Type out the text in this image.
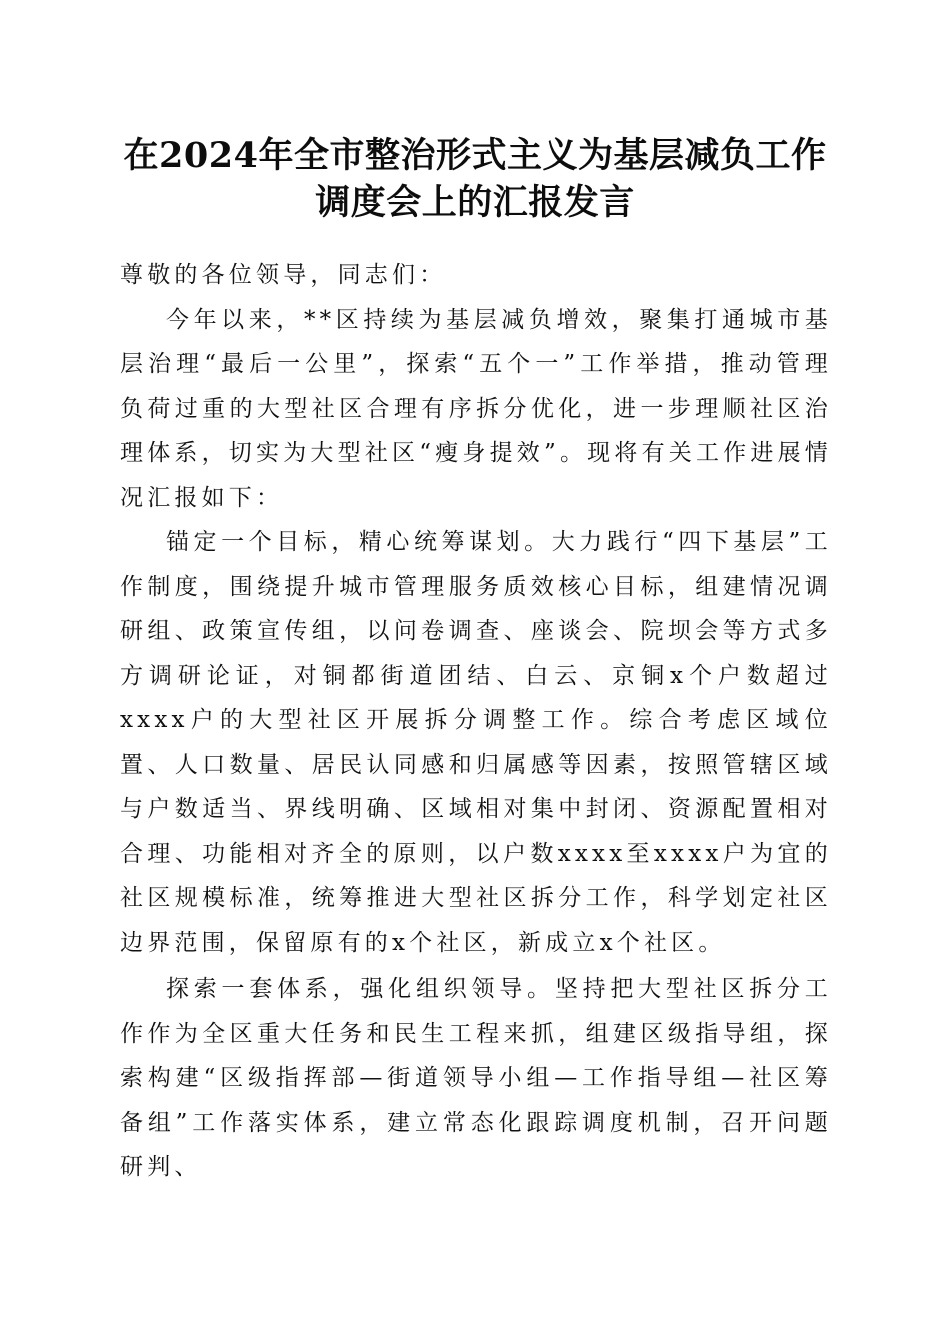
在2024年全市整治形式主义为基层减负工作
调度会上的汇报发言

尊敬的各位领导，同志们：

今年以来，**区持续为基层减负增效，聚集打通城市基层治理“最后一公里”，探索“五个一”工作举措，推动管理负荷过重的大型社区合理有序拆分优化，进一步理顺社区治理体系，切实为大型社区“瘦身提效”。现将有关工作进展情况汇报如下：

锚定一个目标，精心统筹谋划。大力践行“四下基层”工作制度，围绕提升城市管理服务质效核心目标，组建情况调研组、政策宣传组，以问卷调查、座谈会、院坝会等方式多方调研论证，对铜都街道团结、白云、京铜x个户数超过xxxx户的大型社区开展拆分调整工作。综合考虑区域位置、人口数量、居民认同感和归属感等因素，按照管辖区域与户数适当、界线明确、区域相对集中封闭、资源配置相对合理、功能相对齐全的原则，以户数xxxx至xxxx户为宜的社区规模标准，统筹推进大型社区拆分工作，科学划定社区边界范围，保留原有的x个社区，新成立x个社区。

探索一套体系，强化组织领导。坚持把大型社区拆分工作作为全区重大任务和民生工程来抓，组建区级指导组，探索构建“区级指挥部—街道领导小组—工作指导组—社区筹备组”工作落实体系，建立常态化跟踪调度机制，召开问题研判、
